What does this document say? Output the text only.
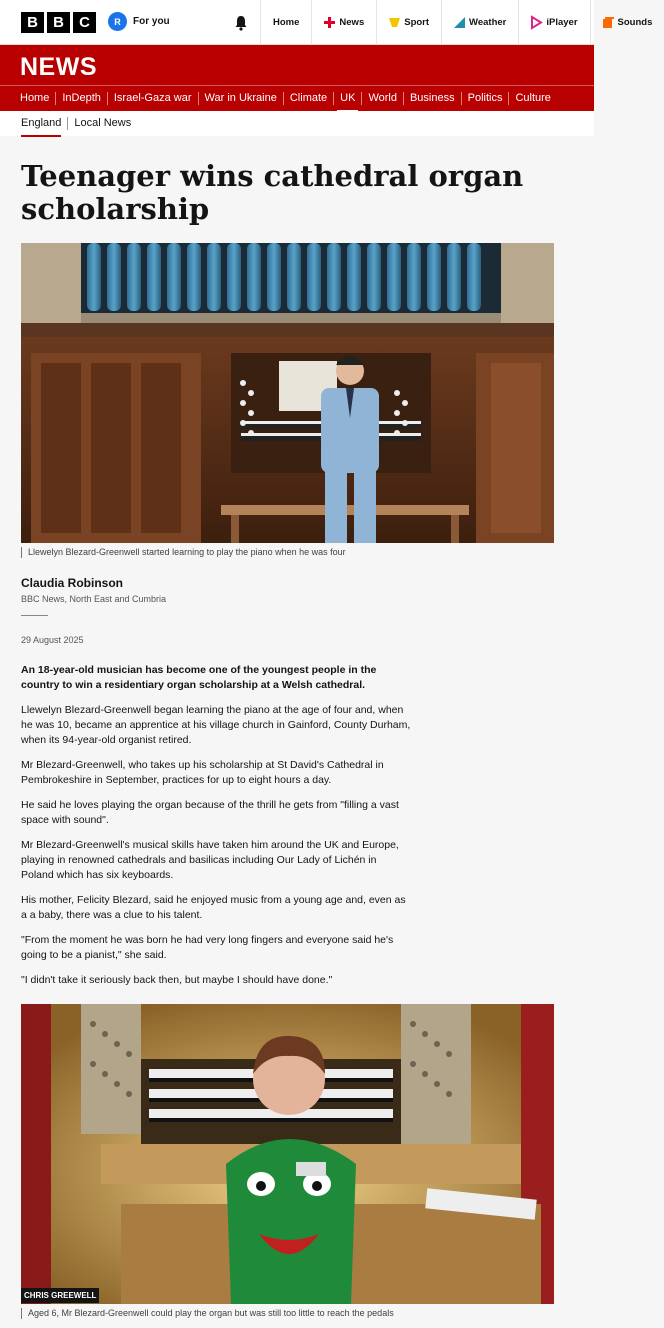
B	B	C	R	For you	Home	News	Sport	Weather	iPlayer	Sounds
NEWS
Home	InDepth	Israel-Gaza war	War in Ukraine	Climate	UK	World	Business	Politics	Culture
England	Local News
Teenager wins cathedral organ scholarship
Llewelyn Blezard-Greenwell started learning to play the piano when he was four
Claudia Robinson
BBC News, North East and Cumbria
29 August 2025

An 18-year-old musician has become one of the youngest people in the country to win a residentiary organ scholarship at a Welsh cathedral.

Llewelyn Blezard-Greenwell began learning the piano at the age of four and, when he was 10, became an apprentice at his village church in Gainford, County Durham, when its 94-year-old organist retired.

Mr Blezard-Greenwell, who takes up his scholarship at St David's Cathedral in Pembrokeshire in September, practices for up to eight hours a day.

He said he loves playing the organ because of the thrill he gets from "filling a vast space with sound".

Mr Blezard-Greenwell's musical skills have taken him around the UK and Europe, playing in renowned cathedrals and basilicas including Our Lady of Lichén in Poland which has six keyboards.

His mother, Felicity Blezard, said he enjoyed music from a young age and, even as a a baby, there was a clue to his talent.

"From the moment he was born he had very long fingers and everyone said he's going to be a pianist," she said.

"I didn't take it seriously back then, but maybe I should have done."

CHRIS GREEWELL
Aged 6, Mr Blezard-Greenwell could play the organ but was still too little to reach the pedals
